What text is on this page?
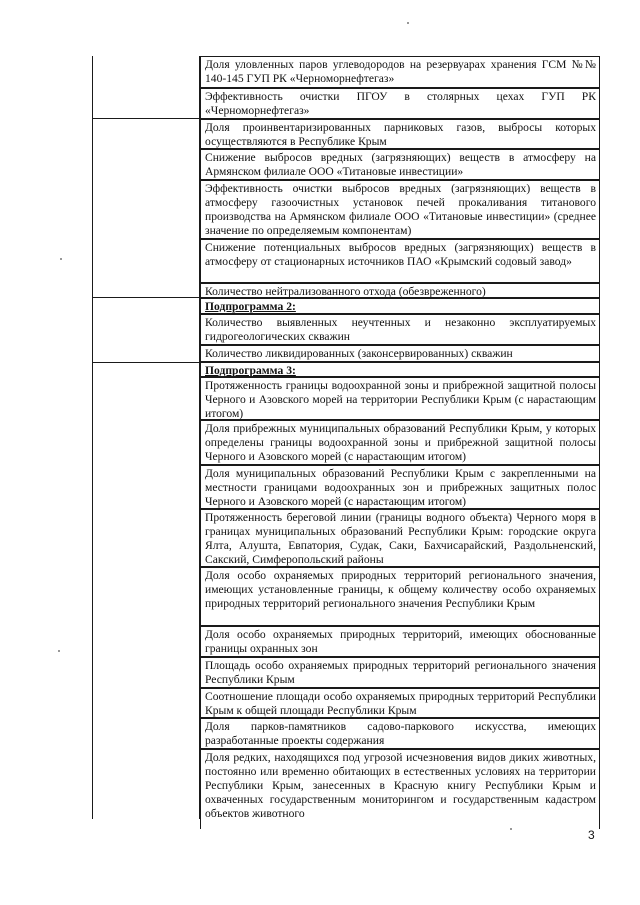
Доля уловленных паров углеводородов на резервуарах хранения ГСМ №№ 140-145 ГУП РК «Черноморнефтегаз»
Эффективность очистки ПГОУ в столярных цехах ГУП РК «Черноморнефтегаз»
Доля проинвентаризированных парниковых газов, выбросы которых осуществляются в Республике Крым
Снижение выбросов вредных (загрязняющих) веществ в атмосферу на Армянском филиале ООО «Титановые инвестиции»
Эффективность очистки выбросов вредных (загрязняющих) веществ в атмосферу газоочистных установок печей прокаливания титанового производства на Армянском филиале ООО «Титановые инвестиции» (среднее значение по определяемым компонентам)
Снижение потенциальных выбросов вредных (загрязняющих) веществ в атмосферу от стационарных источников ПАО «Крымский содовый завод»
Количество нейтрализованного отхода (обезвреженного)
Подпрограмма 2:
Количество выявленных неучтенных и незаконно эксплуатируемых гидрогеологических скважин
Количество ликвидированных (законсервированных) скважин
Подпрограмма 3:
Протяженность границы водоохранной зоны и прибрежной защитной полосы Черного и Азовского морей на территории Республики Крым (с нарастающим итогом)
Доля прибрежных муниципальных образований Республики Крым, у которых определены границы водоохранной зоны и прибрежной защитной полосы Черного и Азовского морей (с нарастающим итогом)
Доля муниципальных образований Республики Крым с закрепленными на местности границами водоохранных зон и прибрежных защитных полос Черного и Азовского морей (с нарастающим итогом)
Протяженность береговой линии (границы водного объекта) Черного моря в границах муниципальных образований Республики Крым: городские округа Ялта, Алушта, Евпатория, Судак, Саки, Бахчисарайский, Раздольненский, Сакский, Симферопольский районы
Доля особо охраняемых природных территорий регионального значения, имеющих установленные границы, к общему количеству особо охраняемых природных территорий регионального значения Республики Крым
Доля особо охраняемых природных территорий, имеющих обоснованные границы охранных зон
Площадь особо охраняемых природных территорий регионального значения Республики Крым
Соотношение площади особо охраняемых природных территорий Республики Крым к общей площади Республики Крым
Доля парков-памятников садово-паркового искусства, имеющих разработанные проекты содержания
Доля редких, находящихся под угрозой исчезновения видов диких животных, постоянно или временно обитающих в естественных условиях на территории Республики Крым, занесенных в Красную книгу Республики Крым и охваченных государственным мониторингом и государственным кадастром объектов животного
3
